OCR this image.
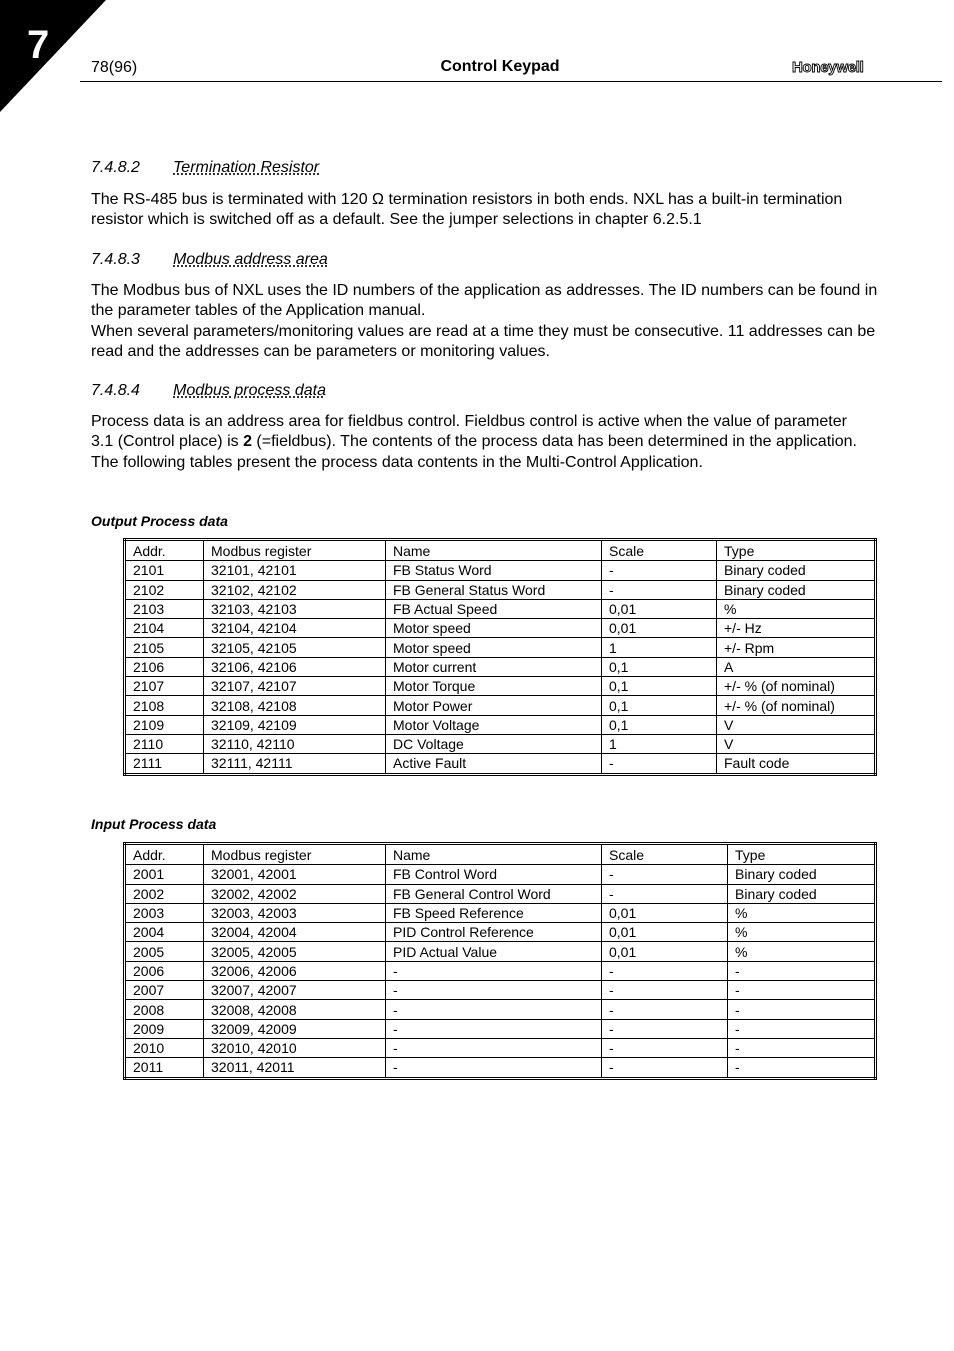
7
78(96)	Control Keypad	Honeywell
7.4.8.2 Termination Resistor
The RS-485 bus is terminated with 120 Ω termination resistors in both ends. NXL has a built-in termination resistor which is switched off as a default. See the jumper selections in chapter 6.2.5.1
7.4.8.3 Modbus address area
The Modbus bus of NXL uses the ID numbers of the application as addresses. The ID numbers can be found in the parameter tables of the Application manual.
When several parameters/monitoring values are read at a time they must be consecutive. 11 addresses can be read and the addresses can be parameters or monitoring values.
7.4.8.4 Modbus process data
Process data is an address area for fieldbus control. Fieldbus control is active when the value of parameter 3.1 (Control place) is 2 (=fieldbus). The contents of the process data has been determined in the application. The following tables present the process data contents in the Multi-Control Application.
Output Process data
Addr.	Modbus register	Name	Scale	Type
2101	32101, 42101	FB Status Word	-	Binary coded
2102	32102, 42102	FB General Status Word	-	Binary coded
2103	32103, 42103	FB Actual Speed	0,01	%
2104	32104, 42104	Motor speed	0,01	+/- Hz
2105	32105, 42105	Motor speed	1	+/- Rpm
2106	32106, 42106	Motor current	0,1	A
2107	32107, 42107	Motor Torque	0,1	+/- % (of nominal)
2108	32108, 42108	Motor Power	0,1	+/- % (of nominal)
2109	32109, 42109	Motor Voltage	0,1	V
2110	32110, 42110	DC Voltage	1	V
2111	32111, 42111	Active Fault	-	Fault code
Input Process data
Addr.	Modbus register	Name	Scale	Type
2001	32001, 42001	FB Control Word	-	Binary coded
2002	32002, 42002	FB General Control Word	-	Binary coded
2003	32003, 42003	FB Speed Reference	0,01	%
2004	32004, 42004	PID Control Reference	0,01	%
2005	32005, 42005	PID Actual Value	0,01	%
2006	32006, 42006	-	-	-
2007	32007, 42007	-	-	-
2008	32008, 42008	-	-	-
2009	32009, 42009	-	-	-
2010	32010, 42010	-	-	-
2011	32011, 42011	-	-	-
